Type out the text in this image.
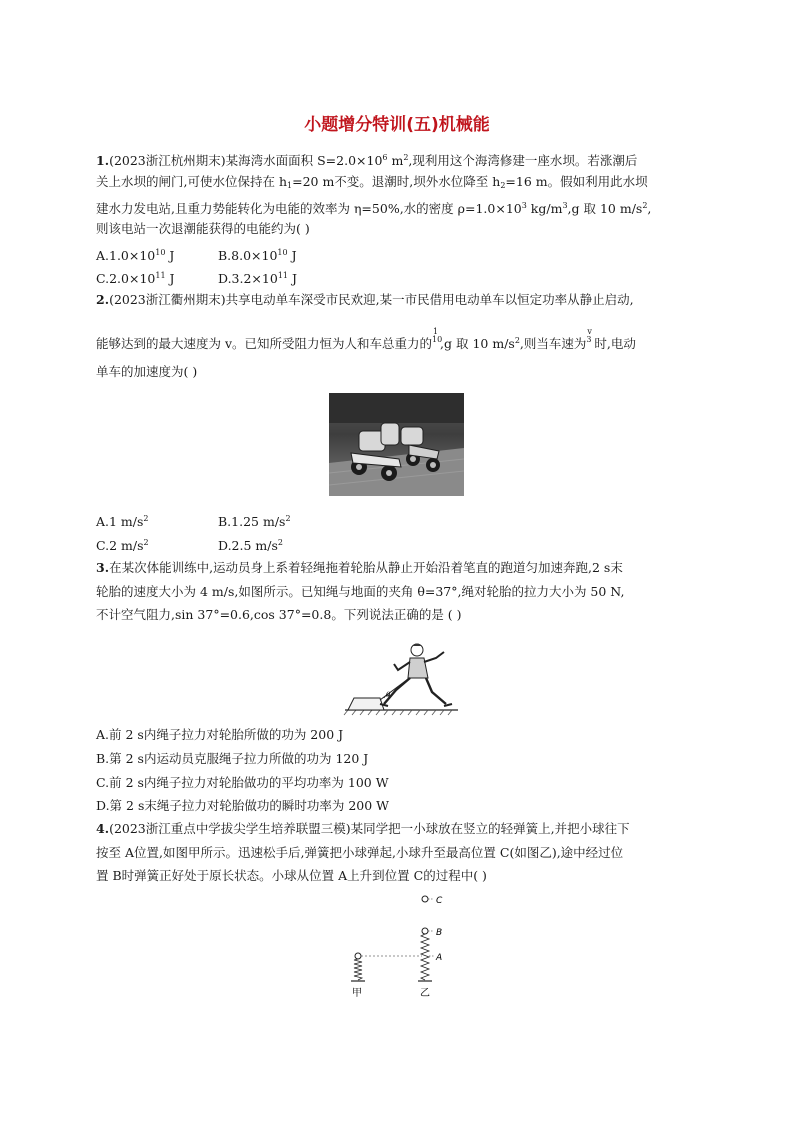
小题增分特训(五)机械能
1.(2023浙江杭州期末)某海湾水面面积 $S=2.0\times 10^6$ $m^2$,现利用这个海湾修建一座水坝。若涨潮后
关上水坝的闸门,可使水位保持在 $h_1=20$ m不变。退潮时,坝外水位降至 $h_2=16$ m。假如利用此水坝
建水力发电站,且重力势能转化为电能的效率为 η=50%,水的密度 $\rho=1.0\times 10^3$ $kg/m^3,g$ 取 10 $m/s^2$,
则该电站一次退潮能获得的电能约为( )
$A.1.0\times 10^{10}$ J	$B.8.0\times 10^{10}$ J
$C.2.0\times 10^{11}$ J	$D.3.2\times 10^{11}$ J
2.(2023浙江衢州期末)共享电动单车深受市民欢迎,某一市民借用电动单车以恒定功率从静止启动,
能够达到的最大速度为 v。已知所受阻力恒为人和车总重力的
1
10
,g 取 10 $m/s^2$,则当车速为
v
3 时,电动
单车的加速度为( )
A.1 $m/s^2$	B.1.25 $m/s^2$
C.2 $m/s^2$	D.2.5 $m/s^2$
3.在某次体能训练中,运动员身上系着轻绳拖着轮胎从静止开始沿着笔直的跑道匀加速奔跑,2 s末
轮胎的速度大小为 4 m/s,如图所示。已知绳与地面的夹角 θ=37°,绳对轮胎的拉力大小为 50 N,
不计空气阻力,sin 37°=0.6,cos 37°=0.8。下列说法正确的是 ( )
θ
A.前 2 s内绳子拉力对轮胎所做的功为 200 J
B.第 2 s内运动员克服绳子拉力所做的功为 120 J
C.前 2 s内绳子拉力对轮胎做功的平均功率为 100 W
D.第 2 s末绳子拉力对轮胎做功的瞬时功率为 200 W
4.(2023浙江重点中学拔尖学生培养联盟三模)某同学把一小球放在竖立的轻弹簧上,并把小球往下
按至 A位置,如图甲所示。迅速松手后,弹簧把小球弹起,小球升至最高位置 C(如图乙),途中经过位
置 B时弹簧正好处于原长状态。小球从位置 A上升到位置 C的过程中( )
C
B
A
甲	乙
